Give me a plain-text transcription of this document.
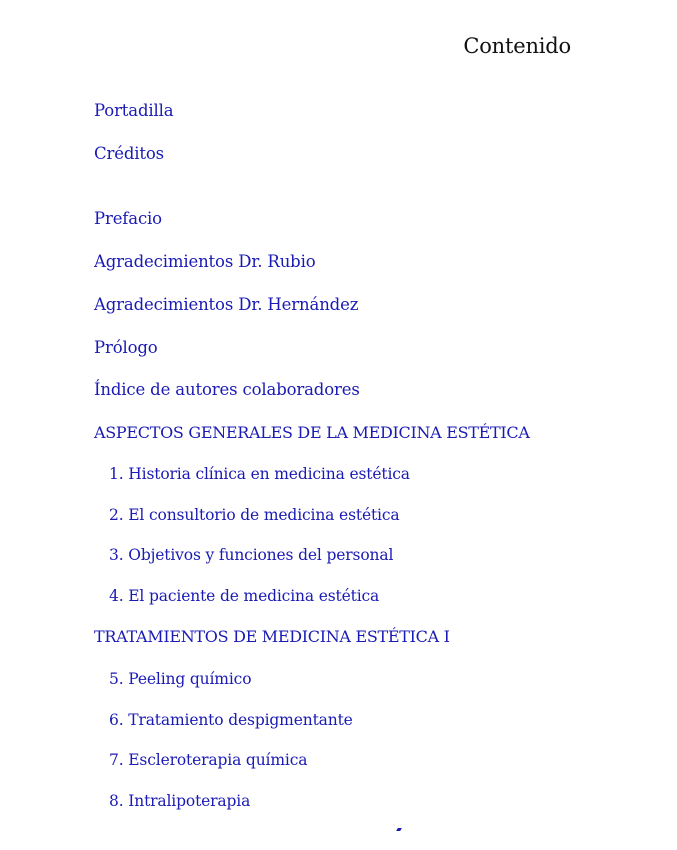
Contenido
Portadilla
Créditos
Prefacio
Agradecimientos Dr. Rubio
Agradecimientos Dr. Hernández
Prólogo
Índice de autores colaboradores
ASPECTOS GENERALES DE LA MEDICINA ESTÉTICA
1. Historia clínica en medicina estética
2. El consultorio de medicina estética
3. Objetivos y funciones del personal
4. El paciente de medicina estética
TRATAMIENTOS DE MEDICINA ESTÉTICA I
5. Peeling químico
6. Tratamiento despigmentante
7. Escleroterapia química
8. Intralipoterapia
